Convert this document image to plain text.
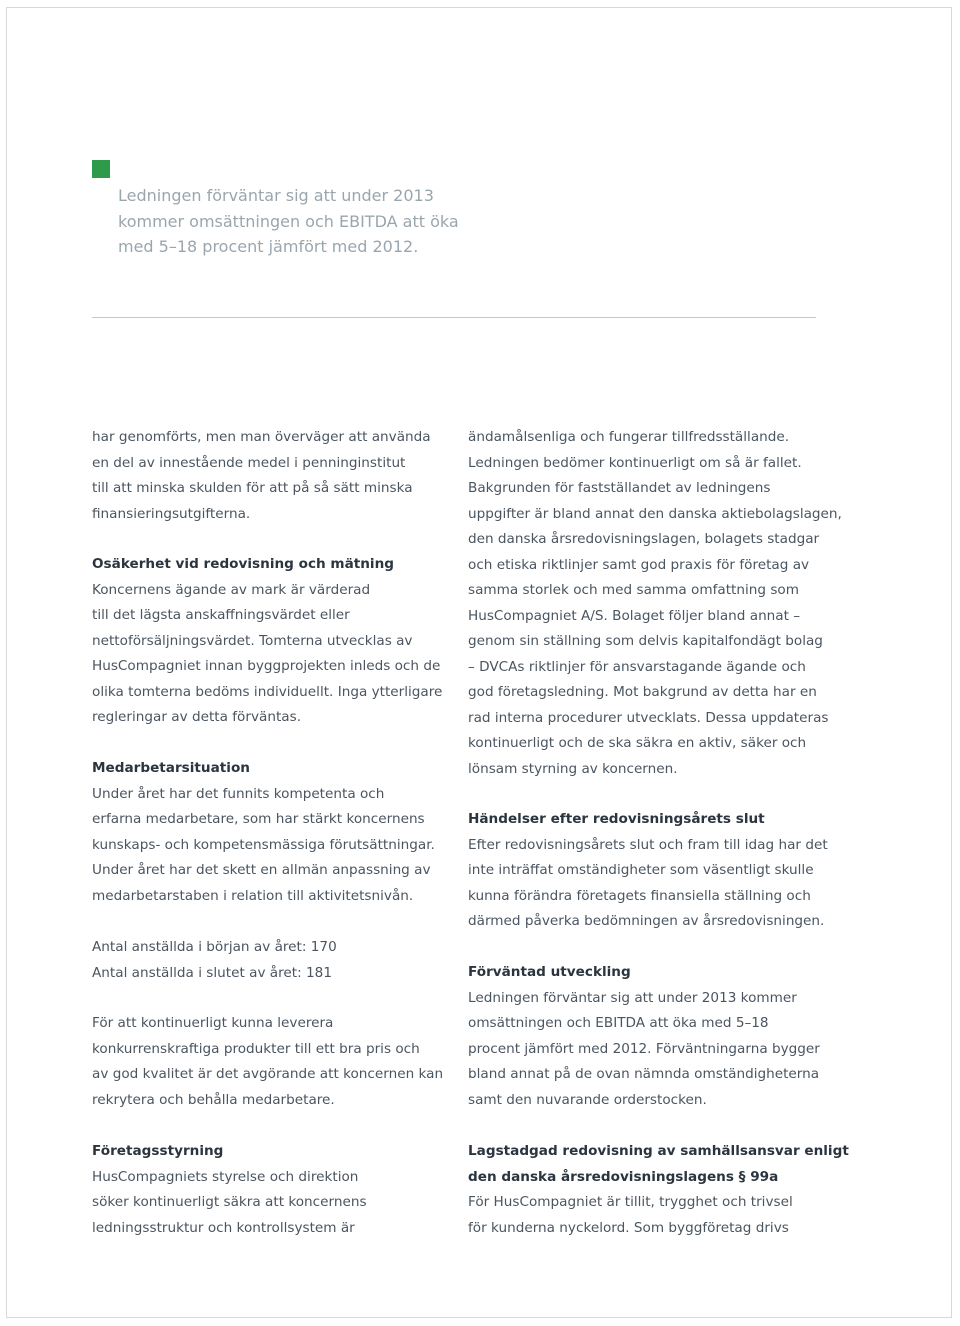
Ledningen förväntar sig att under 2013
kommer omsättningen och EBITDA att öka
med 5–18 procent jämfört med 2012.
har genomförts, men man överväger att använda
en del av innestående medel i penninginstitut
till att minska skulden för att på så sätt minska
finansieringsutgifterna.
Osäkerhet vid redovisning och mätning
Koncernens ägande av mark är värderad
till det lägsta anskaffningsvärdet eller
nettoförsäljningsvärdet. Tomterna utvecklas av
HusCompagniet innan byggprojekten inleds och de
olika tomterna bedöms individuellt. Inga ytterligare
regleringar av detta förväntas.
Medarbetarsituation
Under året har det funnits kompetenta och
erfarna medarbetare, som har stärkt koncernens
kunskaps- och kompetensmässiga förutsättningar.
Under året har det skett en allmän anpassning av
medarbetarstaben i relation till aktivitetsnivån.
Antal anställda i början av året: 170
Antal anställda i slutet av året: 181
För att kontinuerligt kunna leverera
konkurrenskraftiga produkter till ett bra pris och
av god kvalitet är det avgörande att koncernen kan
rekrytera och behålla medarbetare.
Företagsstyrning
HusCompagniets styrelse och direktion
söker kontinuerligt säkra att koncernens
ledningsstruktur och kontrollsystem är
ändamålsenliga och fungerar tillfredsställande.
Ledningen bedömer kontinuerligt om så är fallet.
Bakgrunden för fastställandet av ledningens
uppgifter är bland annat den danska aktiebolagslagen,
den danska årsredovisningslagen, bolagets stadgar
och etiska riktlinjer samt god praxis för företag av
samma storlek och med samma omfattning som
HusCompagniet A/S. Bolaget följer bland annat –
genom sin ställning som delvis kapitalfondägt bolag
– DVCAs riktlinjer för ansvarstagande ägande och
god företagsledning. Mot bakgrund av detta har en
rad interna procedurer utvecklats. Dessa uppdateras
kontinuerligt och de ska säkra en aktiv, säker och
lönsam styrning av koncernen.
Händelser efter redovisningsårets slut
Efter redovisningsårets slut och fram till idag har det
inte inträffat omständigheter som väsentligt skulle
kunna förändra företagets finansiella ställning och
därmed påverka bedömningen av årsredovisningen.
Förväntad utveckling
Ledningen förväntar sig att under 2013 kommer
omsättningen och EBITDA att öka med 5–18
procent jämfört med 2012. Förväntningarna bygger
bland annat på de ovan nämnda omständigheterna
samt den nuvarande orderstocken.
Lagstadgad redovisning av samhällsansvar enligt
den danska årsredovisningslagens § 99a
För HusCompagniet är tillit, trygghet och trivsel
för kunderna nyckelord. Som byggföretag drivs
